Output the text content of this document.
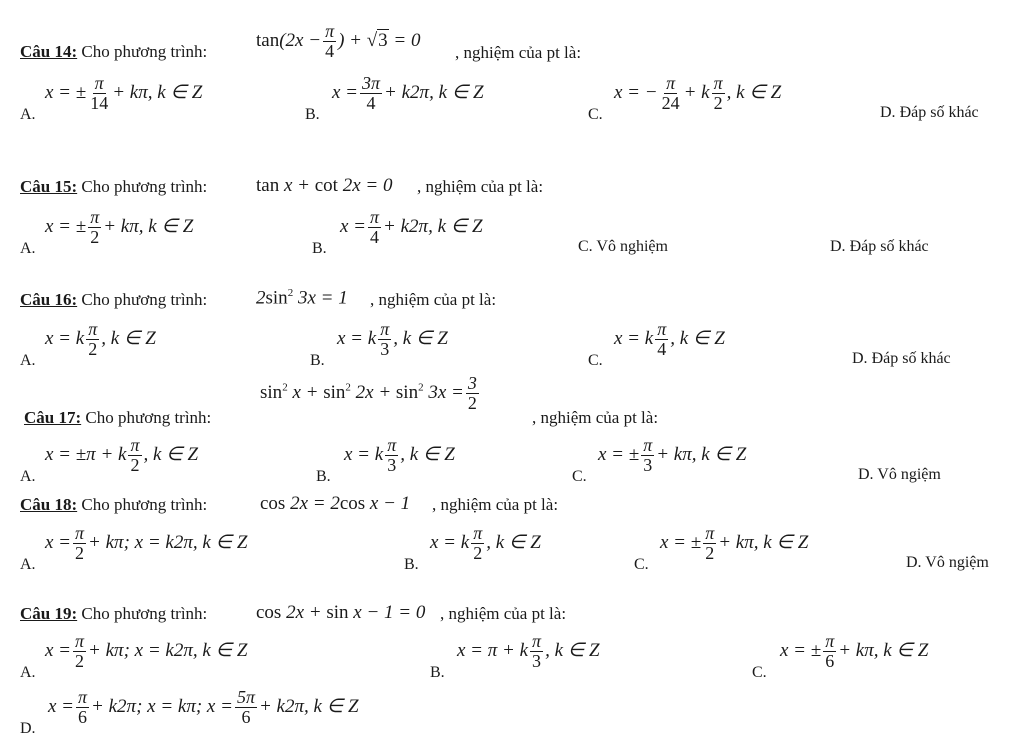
Câu 14: Cho phương trình:
$\tan(2x - \frac{\pi}{4}$ ) + √3 = 0
, nghiệm của pt là:
A.
x = ± $\frac{\pi}{14} + k\pi$, k ∈ Z
B.
$x = \frac{3\pi}{4} + k2\pi$, k ∈ Z
C.
x = − $\frac{\pi}{24} + k \frac{\pi}{2}$ , k ∈ Z
D. Đáp số khác
Câu 15: Cho phương trình:	tan x + cot 2x = 0 , nghiệm của pt là:
A.
x = ± $\frac{\pi}{2} + k\pi$, k ∈ Z
B.
$x = \frac{\pi}{4} + k2\pi$, k ∈ Z
C. Vô nghiệm	D. Đáp số khác
Câu 16: Cho phương trình:	$2\sin^2$ 3x = 1 , nghiệm của pt là:
A.
x = k $\frac{\pi}{2}$ , k ∈ Z
B.
x = k $\frac{\pi}{3}$ , k ∈ Z
C.
x = k $\frac{\pi}{4}$ , k ∈ Z
D. Đáp số khác
Câu 17: Cho phương trình:
$\sin^2 x + \sin^2 2x + \sin^2 3x = \frac{3}{2}$
, nghiệm của pt là:
A.
x = ±π + k $\frac{\pi}{2}$ , k ∈ Z
B.
x = k $\frac{\pi}{3}$ , k ∈ Z
C.
x = ± $\frac{\pi}{3} + k\pi$, k ∈ Z
D. Vô ngiệm
Câu 18: Cho phương trình:	cos 2x = 2cos x − 1 , nghiệm của pt là:
A.
$x = \frac{\pi}{2} + k\pi$; x = k2π, k ∈ Z
B.
x = k $\frac{\pi}{2}$ , k ∈ Z
C.
x = ± $\frac{\pi}{2} + k\pi$, k ∈ Z
D. Vô ngiệm
Câu 19: Cho phương trình:	cos 2x + sin x − 1 = 0 , nghiệm của pt là:
A.
$x = \frac{\pi}{2} + k\pi$; x = k2π, k ∈ Z
B.
x = π + k $\frac{\pi}{3}$ , k ∈ Z
C.
x = ± $\frac{\pi}{6} + k\pi$, k ∈ Z
D.
$x = \frac{\pi}{6} + k2\pi$; x = kπ; $x = \frac{5\pi}{6} + k2\pi$, k ∈ Z
